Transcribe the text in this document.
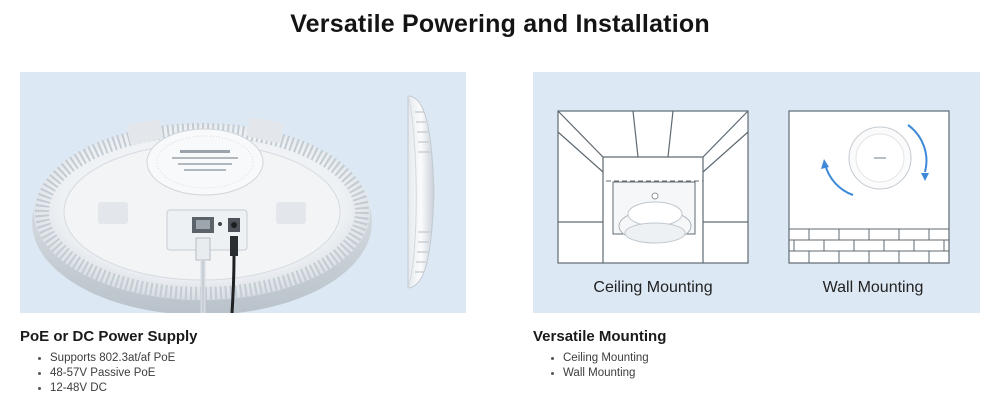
Versatile Powering and Installation
Ceiling Mounting	Wall Mounting
PoE or DC Power Supply
• Supports 802.3at/af PoE
• 48-57V Passive PoE
• 12-48V DC
Versatile Mounting
• Ceiling Mounting
• Wall Mounting
